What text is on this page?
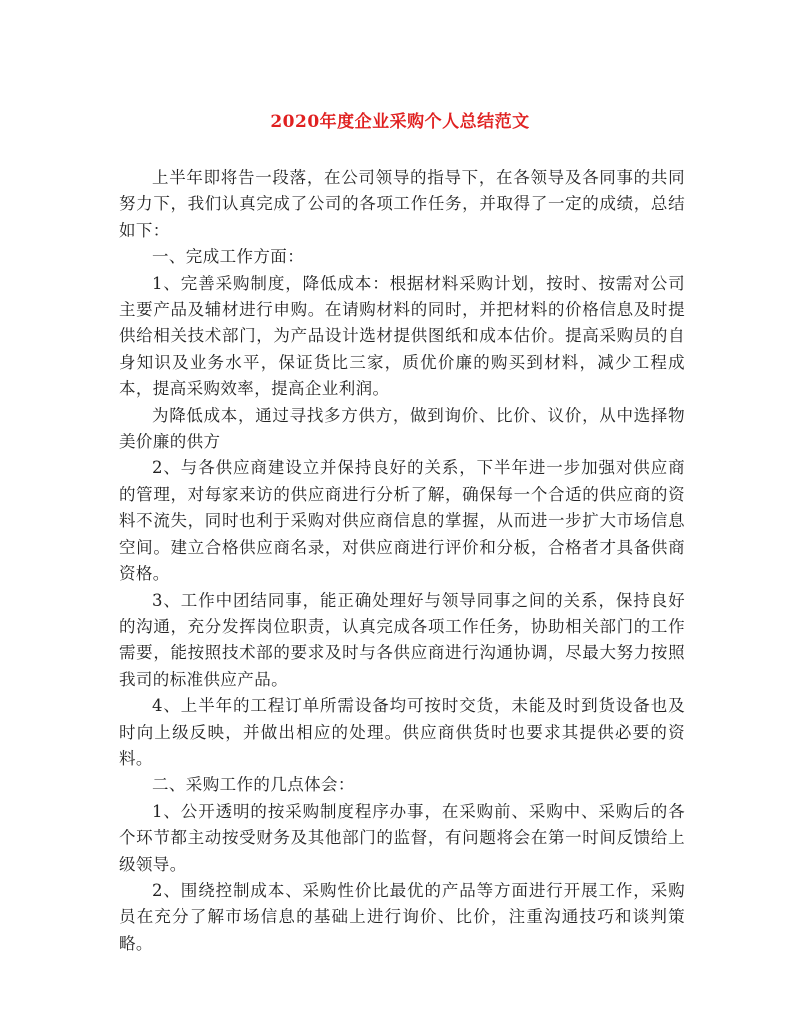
2020年度企业采购个人总结范文

上半年即将告一段落，在公司领导的指导下，在各领导及各同事的共同努力下，我们认真完成了公司的各项工作任务，并取得了一定的成绩，总结如下：

一、完成工作方面：

1、完善采购制度，降低成本：根据材料采购计划，按时、按需对公司主要产品及辅材进行申购。在请购材料的同时，并把材料的价格信息及时提供给相关技术部门，为产品设计选材提供图纸和成本估价。提高采购员的自身知识及业务水平，保证货比三家，质优价廉的购买到材料，减少工程成本，提高采购效率，提高企业利润。

为降低成本，通过寻找多方供方，做到询价、比价、议价，从中选择物美价廉的供方

2、与各供应商建设立并保持良好的关系，下半年进一步加强对供应商的管理，对每家来访的供应商进行分析了解，确保每一个合适的供应商的资料不流失，同时也利于采购对供应商信息的掌握，从而进一步扩大市场信息空间。建立合格供应商名录，对供应商进行评价和分板，合格者才具备供商资格。

3、工作中团结同事，能正确处理好与领导同事之间的关系，保持良好的沟通，充分发挥岗位职责，认真完成各项工作任务，协助相关部门的工作需要，能按照技术部的要求及时与各供应商进行沟通协调，尽最大努力按照我司的标准供应产品。

4、上半年的工程订单所需设备均可按时交货，未能及时到货设备也及时向上级反映，并做出相应的处理。供应商供货时也要求其提供必要的资料。

二、采购工作的几点体会：

1、公开透明的按采购制度程序办事，在采购前、采购中、采购后的各个环节都主动按受财务及其他部门的监督，有问题将会在第一时间反馈给上级领导。

2、围绕控制成本、采购性价比最优的产品等方面进行开展工作，采购员在充分了解市场信息的基础上进行询价、比价，注重沟通技巧和谈判策略。
